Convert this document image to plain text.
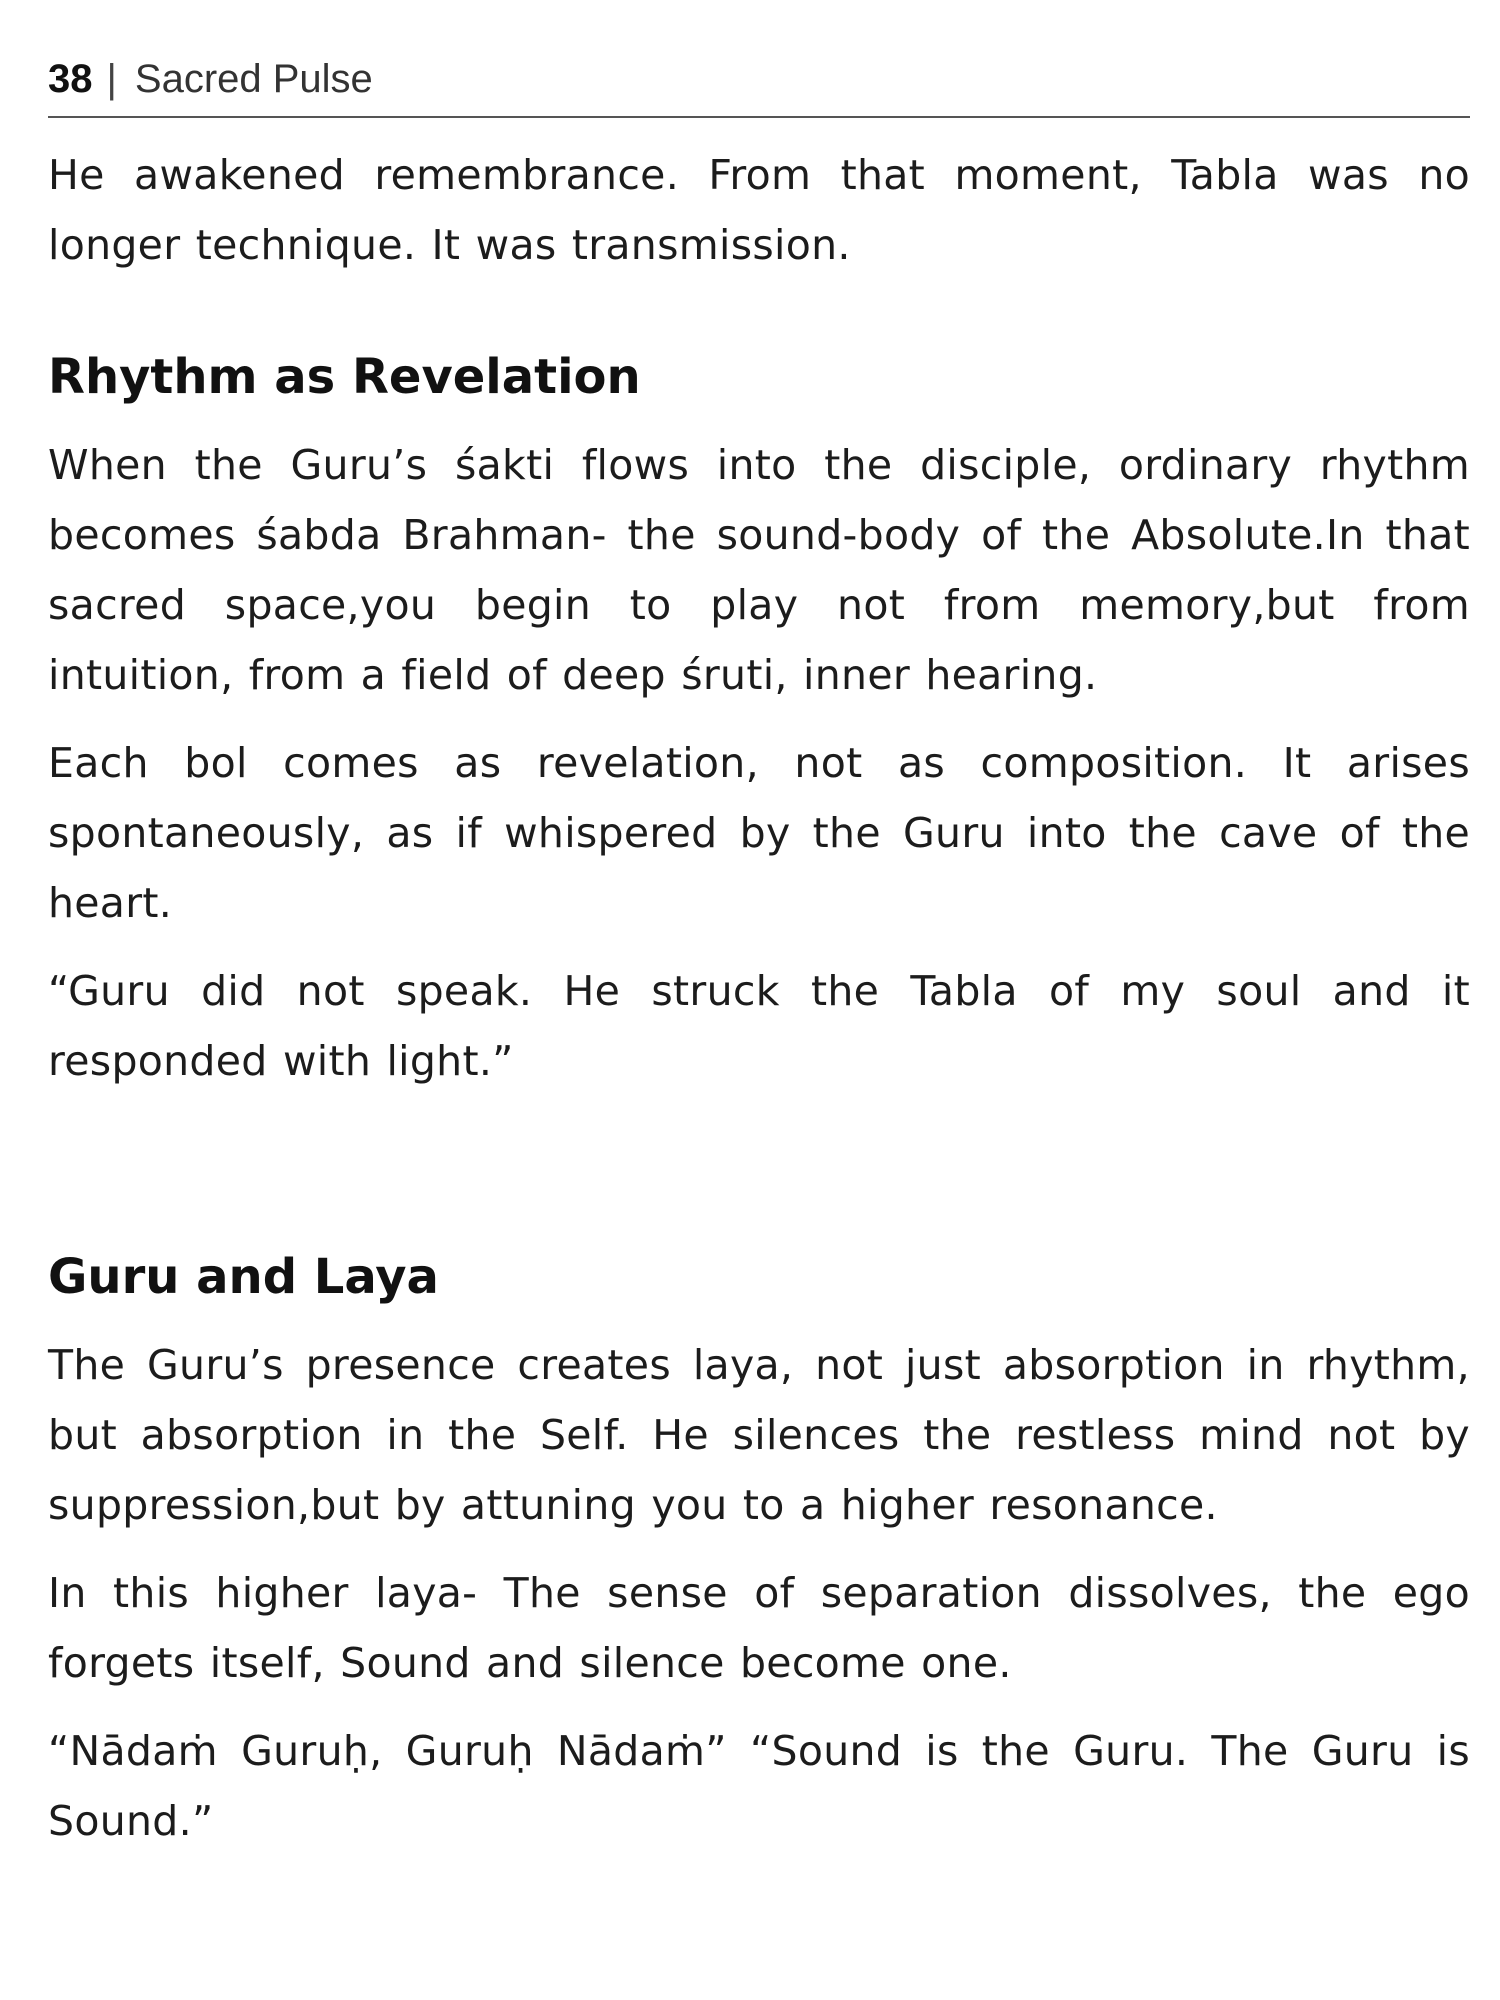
38 | Sacred Pulse

He awakened remembrance. From that moment, Tabla was no longer technique. It was transmission.

Rhythm as Revelation

When the Guru’s śakti flows into the disciple, ordinary rhythm becomes śabda Brahman- the sound-body of the Absolute.In that sacred space,you begin to play not from memory,but from intuition, from a field of deep śruti, inner hearing.

Each bol comes as revelation, not as composition. It arises spontaneously, as if whispered by the Guru into the cave of the heart.

“Guru did not speak. He struck the Tabla of my soul and it responded with light.”

Guru and Laya

The Guru’s presence creates laya, not just absorption in rhythm, but absorption in the Self. He silences the restless mind not by suppression,but by attuning you to a higher resonance.

In this higher laya- The sense of separation dissolves, the ego forgets itself, Sound and silence become one.

“Nādaṁ Guruḥ, Guruḥ Nādaṁ” “Sound is the Guru. The Guru is Sound.”
